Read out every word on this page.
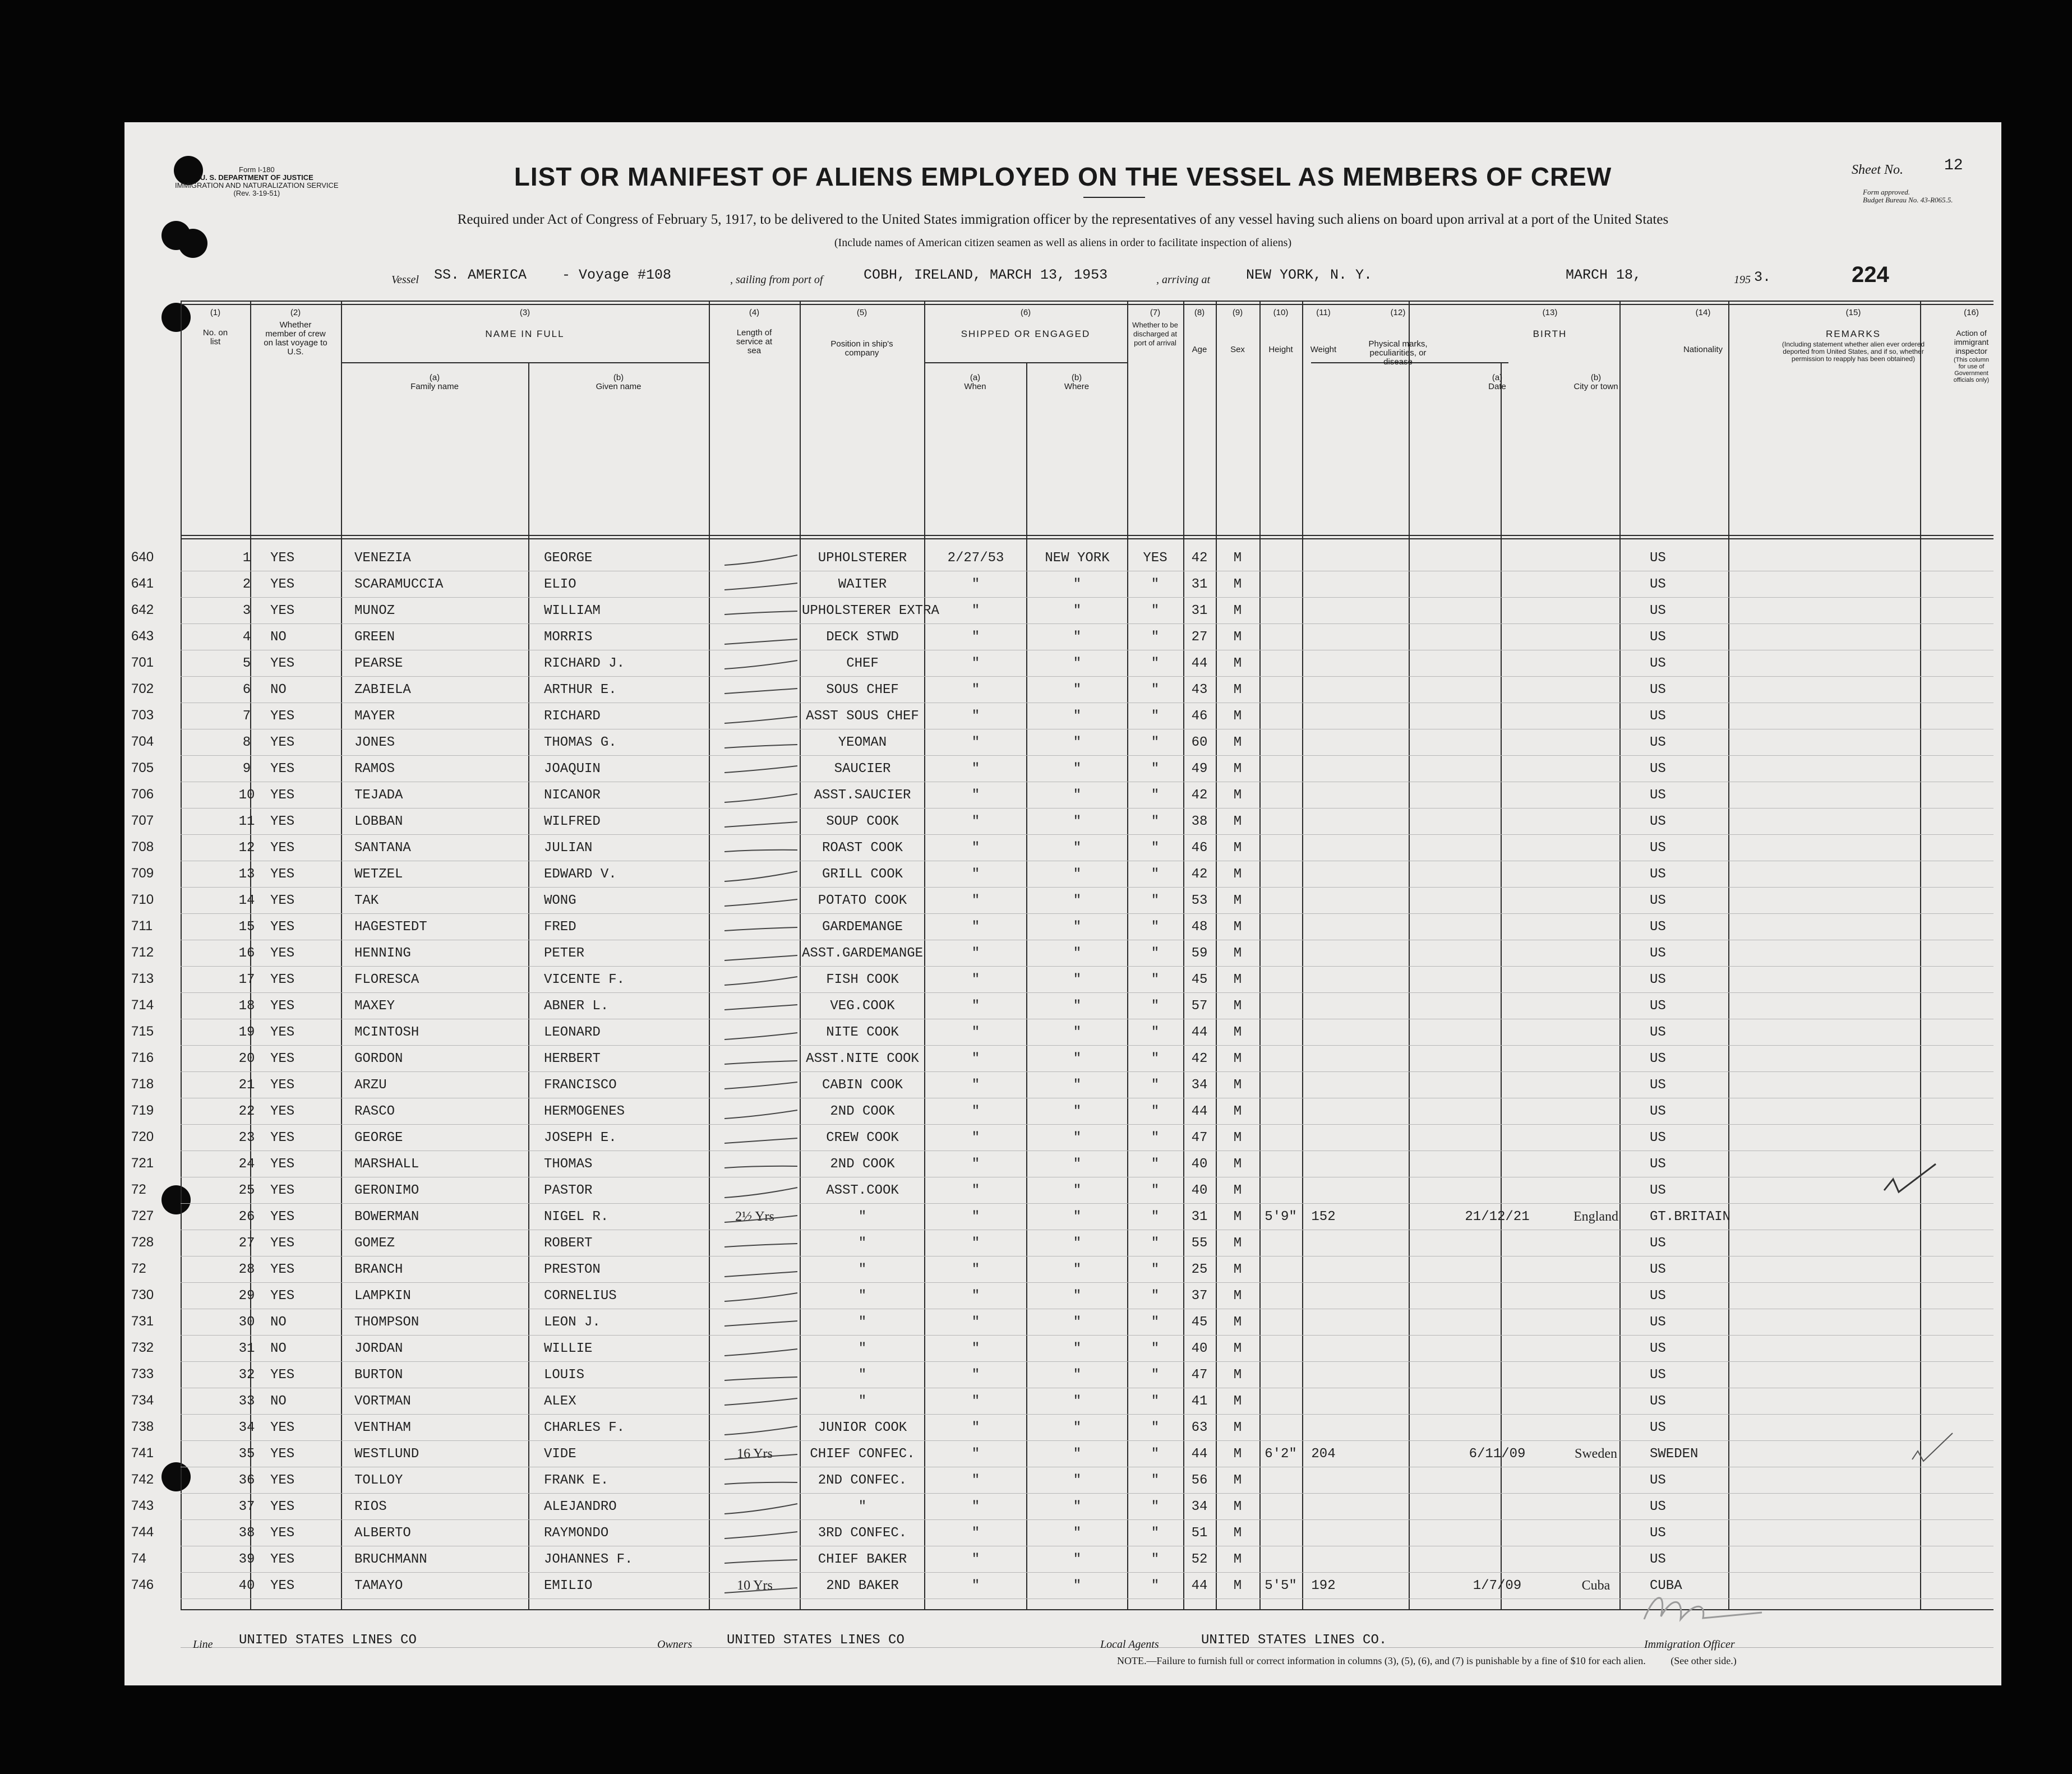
Form I-180
U. S. DEPARTMENT OF JUSTICE
IMMIGRATION AND NATURALIZATION SERVICE
(Rev. 3-19-51)
LIST OR MANIFEST OF ALIENS EMPLOYED ON THE VESSEL AS MEMBERS OF CREW	Sheet No.	12
Form approved.
Budget Bureau No. 43-R065.5.
Required under Act of Congress of February 5, 1917, to be delivered to the United States immigration officer by the representatives of any vessel having such aliens on board upon arrival at a port of the United States
(Include names of American citizen seamen as well as aliens in order to facilitate inspection of aliens)
Vessel SS. AMERICA	- Voyage #108	, sailing from port of	COBH, IRELAND, MARCH 13, 1953	, arriving at	NEW YORK, N. Y.	MARCH 18,	195 3.	224
(1)
No. on list
(2)
Whether member of crew on last voyage to U.S.
(3)
NAME IN FULL
(a)
Family name
(b)
Given name
(4)
Length of service at sea
(5)
Position in ship's company
(6)
SHIPPED OR ENGAGED
(a)
When
(b)
Where
(7)
Whether to be discharged at port of arrival
(8)
Age
(9)
Sex
(10)
Height
(11)
Weight
(12)
Physical marks, peculiarities, or disease
(13)
BIRTH
(a)
Date
(b)
City or town
(14)
Nationality
(15)
REMARKS
(Including statement whether alien ever ordered deported from United States, and if so, whether permission to reapply has been obtained)
(16)
Action of immigrant inspector
(This column for use of Government officials only)
640	1	YES	VENEZIA	GEORGE	UPHOLSTERER	2/27/53	NEW YORK	YES	42	M	US
641	2	YES	SCARAMUCCIA	ELIO	WAITER	"	"	"	31	M	US
642	3	YES	MUNOZ	WILLIAM	UPHOLSTERER EXTRA	"	"	"	31	M	US
643	4	NO	GREEN	MORRIS	DECK STWD	"	"	"	27	M	US
701	5	YES	PEARSE	RICHARD J.	CHEF	"	"	"	44	M	US
702	6	NO	ZABIELA	ARTHUR E.	SOUS CHEF	"	"	"	43	M	US
703	7	YES	MAYER	RICHARD	ASST SOUS CHEF	"	"	"	46	M	US
704	8	YES	JONES	THOMAS G.	YEOMAN	"	"	"	60	M	US
705	9	YES	RAMOS	JOAQUIN	SAUCIER	"	"	"	49	M	US
706	10	YES	TEJADA	NICANOR	ASST.SAUCIER	"	"	"	42	M	US
707	11	YES	LOBBAN	WILFRED	SOUP COOK	"	"	"	38	M	US
708	12	YES	SANTANA	JULIAN	ROAST COOK	"	"	"	46	M	US
709	13	YES	WETZEL	EDWARD V.	GRILL COOK	"	"	"	42	M	US
710	14	YES	TAK	WONG	POTATO COOK	"	"	"	53	M	US
711	15	YES	HAGESTEDT	FRED	GARDEMANGE	"	"	"	48	M	US
712	16	YES	HENNING	PETER	ASST.GARDEMANGE	"	"	"	59	M	US
713	17	YES	FLORESCA	VICENTE F.	FISH COOK	"	"	"	45	M	US
714	18	YES	MAXEY	ABNER L.	VEG.COOK	"	"	"	57	M	US
715	19	YES	MCINTOSH	LEONARD	NITE COOK	"	"	"	44	M	US
716	20	YES	GORDON	HERBERT	ASST.NITE COOK	"	"	"	42	M	US
718	21	YES	ARZU	FRANCISCO	CABIN COOK	"	"	"	34	M	US
719	22	YES	RASCO	HERMOGENES	2ND COOK	"	"	"	44	M	US
720	23	YES	GEORGE	JOSEPH E.	CREW COOK	"	"	"	47	M	US
721	24	YES	MARSHALL	THOMAS	2ND COOK	"	"	"	40	M	US
72	25	YES	GERONIMO	PASTOR	ASST.COOK	"	"	"	40	M	US
727	26	YES	BOWERMAN	NIGEL R.	2½ Yrs	"	"	"	"	31	M	5'9"	152	21/12/21	England	GT.BRITAIN
728	27	YES	GOMEZ	ROBERT	"	"	"	"	55	M	US
72	28	YES	BRANCH	PRESTON	"	"	"	"	25	M	US
730	29	YES	LAMPKIN	CORNELIUS	"	"	"	"	37	M	US
731	30	NO	THOMPSON	LEON J.	"	"	"	"	45	M	US
732	31	NO	JORDAN	WILLIE	"	"	"	"	40	M	US
733	32	YES	BURTON	LOUIS	"	"	"	"	47	M	US
734	33	NO	VORTMAN	ALEX	"	"	"	"	41	M	US
738	34	YES	VENTHAM	CHARLES F.	JUNIOR COOK	"	"	"	63	M	US
741	35	YES	WESTLUND	VIDE	16 Yrs	CHIEF CONFEC.	"	"	"	44	M	6'2"	204	6/11/09	Sweden	SWEDEN
742	36	YES	TOLLOY	FRANK E.	2ND CONFEC.	"	"	"	56	M	US
743	37	YES	RIOS	ALEJANDRO	"	"	"	"	34	M	US
744	38	YES	ALBERTO	RAYMONDO	3RD CONFEC.	"	"	"	51	M	US
74	39	YES	BRUCHMANN	JOHANNES F.	CHIEF BAKER	"	"	"	52	M	US
746	40	YES	TAMAYO	EMILIO	10 Yrs	2ND BAKER	"	"	"	44	M	5'5"	192	1/7/09	Cuba	CUBA
Line UNITED STATES LINES CO	Owners	UNITED STATES LINES CO	Local Agents	UNITED STATES LINES CO.	Immigration Officer
NOTE.—Failure to furnish full or correct information in columns (3), (5), (6), and (7) is punishable by a fine of $10 for each alien. (See other side.)
